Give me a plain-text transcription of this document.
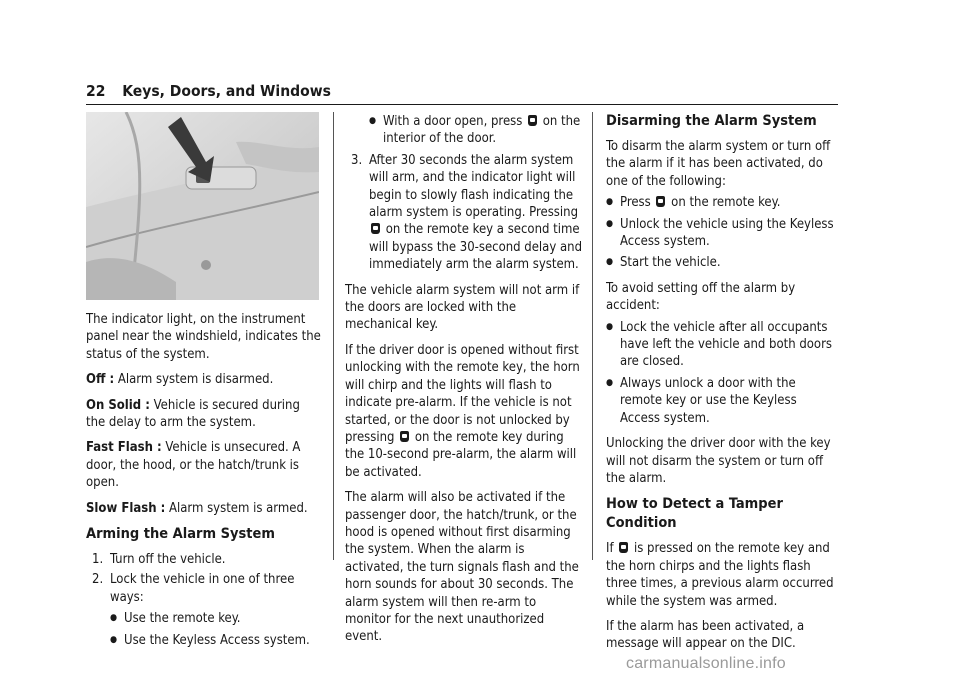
22 Keys, Doors, and Windows

The indicator light, on the instrument panel near the windshield, indicates the status of the system.

Off : Alarm system is disarmed.

On Solid : Vehicle is secured during the delay to arm the system.

Fast Flash : Vehicle is unsecured. A door, the hood, or the hatch/trunk is open.

Slow Flash : Alarm system is armed.

Arming the Alarm System
1. Turn off the vehicle.
2. Lock the vehicle in one of three ways:
● Use the remote key.
● Use the Keyless Access system.
● With a door open, press on the interior of the door.
3. After 30 seconds the alarm system will arm, and the indicator light will begin to slowly flash indicating the alarm system is operating. Pressing  on the remote key a second time will bypass the 30-second delay and immediately arm the alarm system.

The vehicle alarm system will not arm if the doors are locked with the mechanical key.

If the driver door is opened without first unlocking with the remote key, the horn will chirp and the lights will flash to indicate pre-alarm. If the vehicle is not started, or the door is not unlocked by pressing on the remote key during the 10-second pre-alarm, the alarm will be activated.

The alarm will also be activated if the passenger door, the hatch/trunk, or the hood is opened without first disarming the system. When the alarm is activated, the turn signals flash and the horn sounds for about 30 seconds. The alarm system will then re-arm to monitor for the next unauthorized event.

Disarming the Alarm System

To disarm the alarm system or turn off the alarm if it has been activated, do one of the following:

● Press on the remote key.
● Unlock the vehicle using the Keyless Access system.
● Start the vehicle.

To avoid setting off the alarm by accident:

● Lock the vehicle after all occupants have left the vehicle and both doors are closed.
● Always unlock a door with the remote key or use the Keyless Access system.

Unlocking the driver door with the key will not disarm the system or turn off the alarm.

How to Detect a Tamper Condition

If is pressed on the remote key and the horn chirps and the lights flash three times, a previous alarm occurred while the system was armed.

If the alarm has been activated, a message will appear on the DIC.

carmanualsonline.info
